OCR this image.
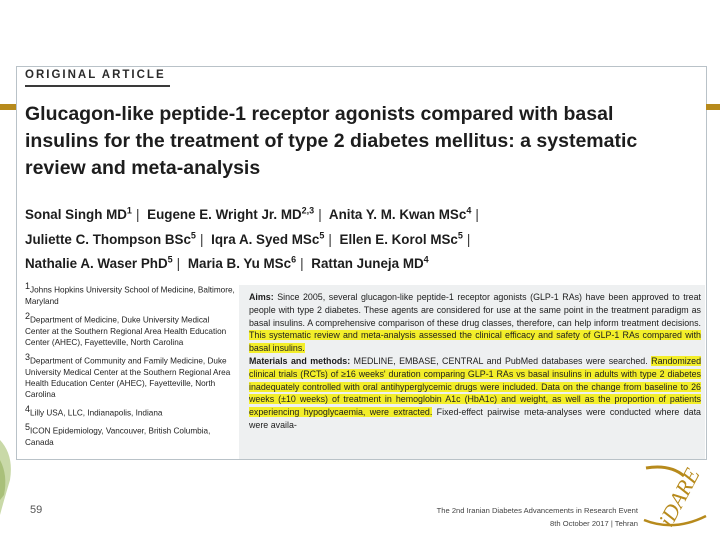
ORIGINAL ARTICLE
Glucagon-like peptide-1 receptor agonists compared with basal insulins for the treatment of type 2 diabetes mellitus: a systematic review and meta-analysis
Sonal Singh $MD^1$ | Eugene E. Wright Jr. MD$^{2,3}$ | Anita Y. M. Kwan MSc$^4$ |
Juliette C. Thompson BSc$^5$ | Iqra A. Syed MSc$^5$ | Ellen E. Korol MSc$^5$ |
Nathalie A. Waser PhD$^5$ | Maria B. Yu MSc$^6$ | Rattan Juneja $MD^4$

$^1$Johns Hopkins University School of Medicine, Baltimore, Maryland

$^2$Department of Medicine, Duke University Medical Center at the Southern Regional Area Health Education Center (AHEC), Fayetteville, North Carolina

$^3$Department of Community and Family Medicine, Duke University Medical Center at the Southern Regional Area Health Education Center (AHEC), Fayetteville, North Carolina

$^4$Lilly USA, LLC, Indianapolis, Indiana

$^5$ICON Epidemiology, Vancouver, British Columbia, Canada

Aims: Since 2005, several glucagon-like peptide-1 receptor agonists (GLP-1 RAs) have been approved to treat people with type 2 diabetes. These agents are considered for use at the same point in the treatment paradigm as basal insulins. A comprehensive comparison of these drug classes, therefore, can help inform treatment decisions. This systematic review and meta-analysis assessed the clinical efficacy and safety of GLP-1 RAs compared with basal insulins.
Materials and methods: MEDLINE, EMBASE, CENTRAL and PubMed databases were searched. Randomized clinical trials (RCTs) of ≥16 weeks' duration comparing GLP-1 RAs vs basal insulins in adults with type 2 diabetes inadequately controlled with oral antihyperglycemic drugs were included. Data on the change from baseline to 26 weeks (±10 weeks) of treatment in hemoglobin A1c (HbA1c) and weight, as well as the proportion of patients experiencing hypoglycaemia, were extracted. Fixed-effect pairwise meta-analyses were conducted where data were availa-

59	The 2nd Iranian Diabetes Advancements in Research Event
8th October 2017 | Tehran iDARE
